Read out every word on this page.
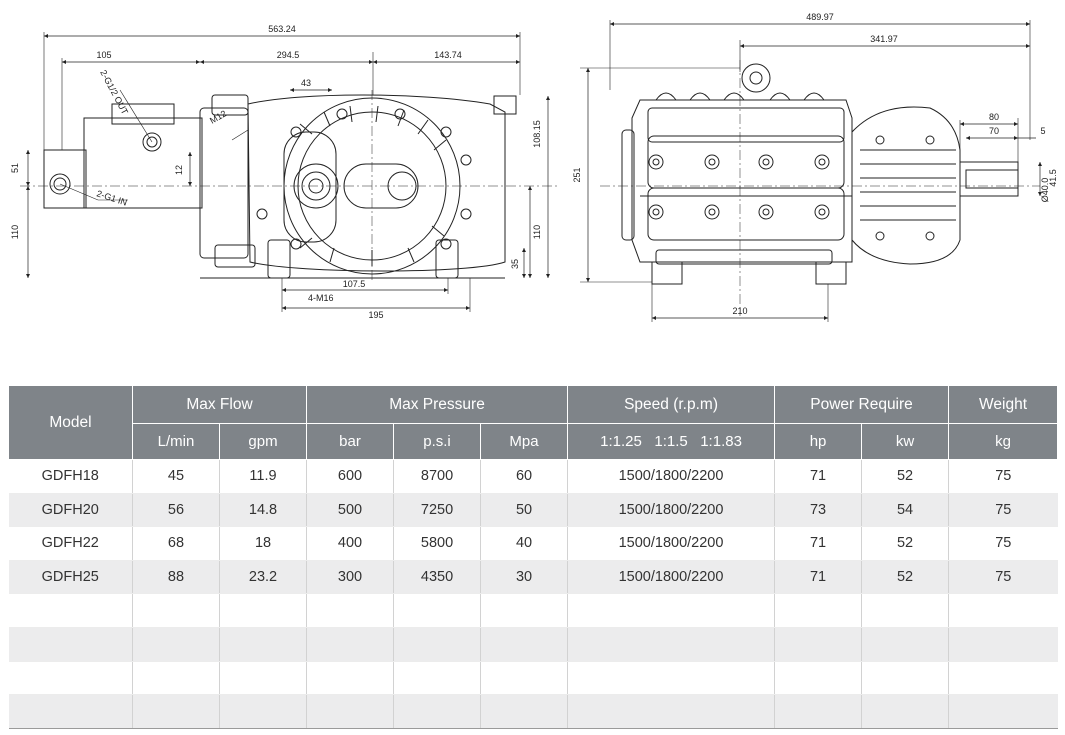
563.24
105	294.5	143.74
43
51	12
110
108.15
110
35
107.5
195
2-G1/2 OUT
2-G1 IN
M12
4-M16
489.97
341.97
251
80
70	5
Ø40.0
41.5
210
Model	Max Flow		Max Pressure			Speed (r.p.m)	Power Require		Weight
	L/min	gpm	bar	p.s.i	Mpa	1:1.25   1:1.5   1:1.83	hp	kw	kg
GDFH18	45	11.9	600	8700	60	1500/1800/2200	71	52	75
GDFH20	56	14.8	500	7250	50	1500/1800/2200	73	54	75
GDFH22	68	18	400	5800	40	1500/1800/2200	71	52	75
GDFH25	88	23.2	300	4350	30	1500/1800/2200	71	52	75
